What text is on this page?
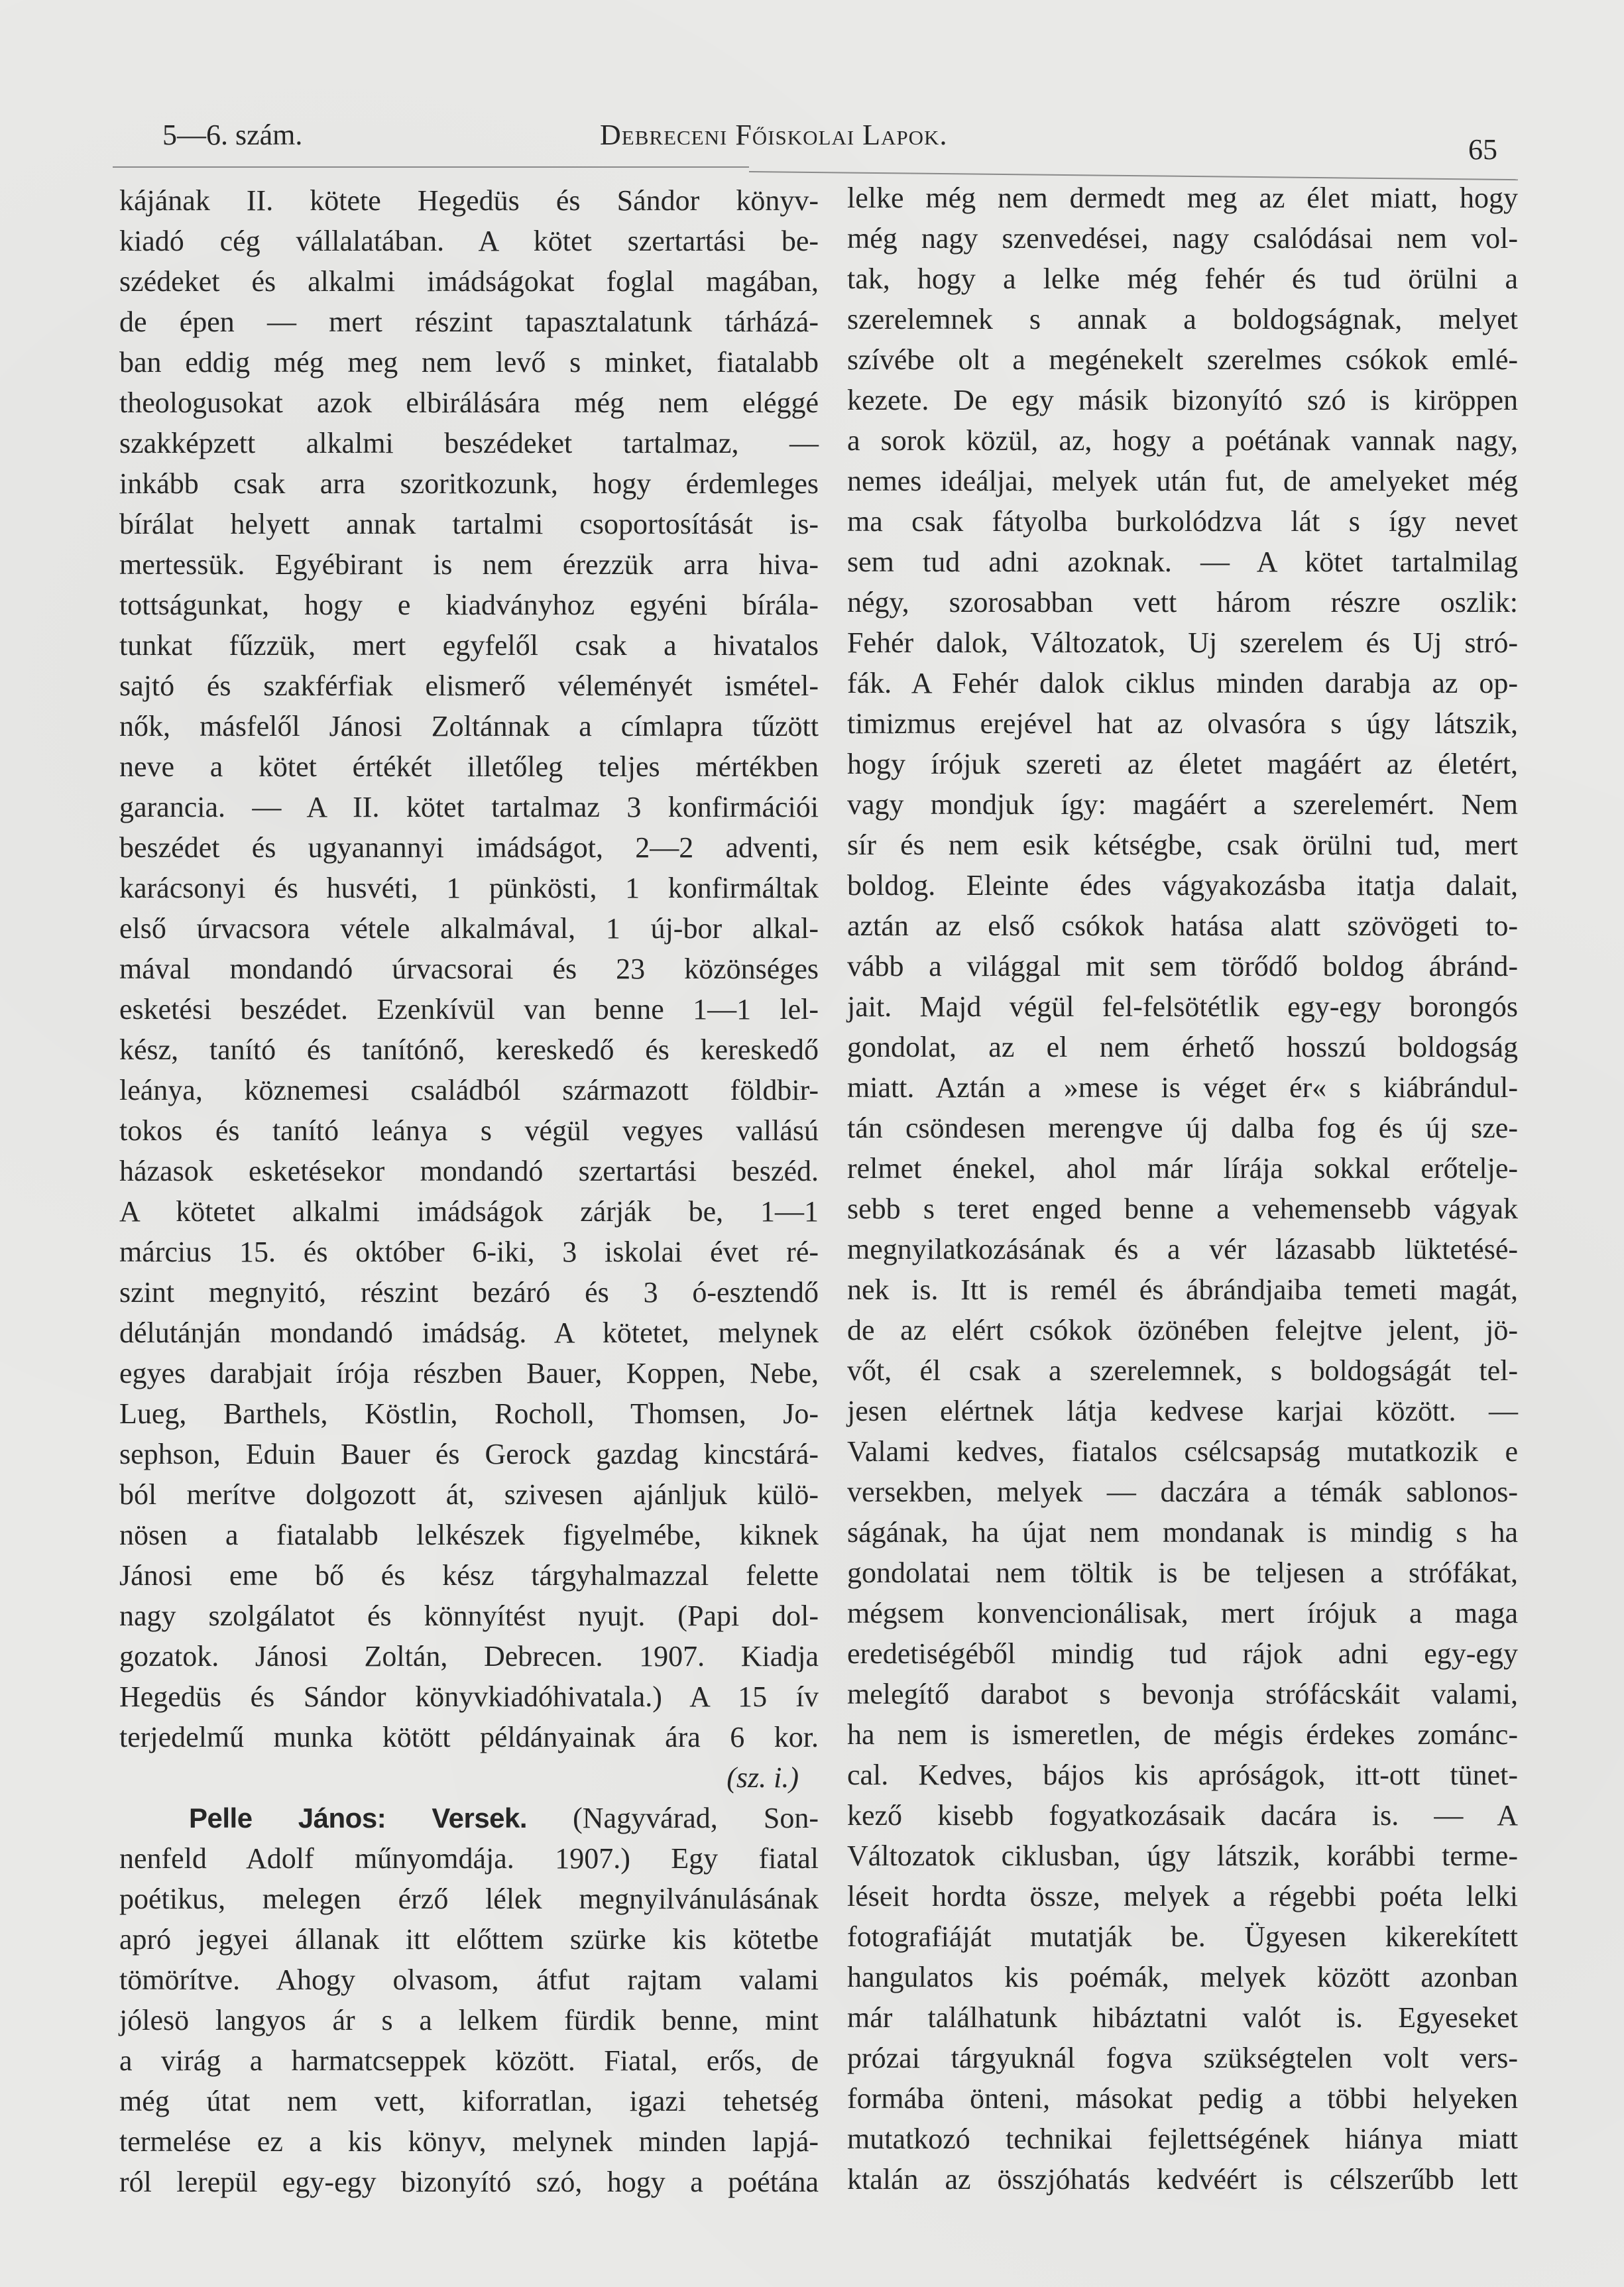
5—6. szám.	Debreceni Főiskolai Lapok.	65
kájának II. kötete Hegedüs és Sándor könyv-
kiadó cég vállalatában. A kötet szertartási be-
szédeket és alkalmi imádságokat foglal magában,
de épen — mert részint tapasztalatunk tárházá-
ban eddig még meg nem levő s minket, fiatalabb
theologusokat azok elbirálására még nem eléggé
szakképzett alkalmi beszédeket tartalmaz, —
inkább csak arra szoritkozunk, hogy érdemleges
bírálat helyett annak tartalmi csoportosítását is-
mertessük. Egyébirant is nem érezzük arra hiva-
tottságunkat, hogy e kiadványhoz egyéni bírála-
tunkat fűzzük, mert egyfelől csak a hivatalos
sajtó és szakférfiak elismerő véleményét ismétel-
nők, másfelől Jánosi Zoltánnak a címlapra tűzött
neve a kötet értékét illetőleg teljes mértékben
garancia. — A II. kötet tartalmaz 3 konfirmációi
beszédet és ugyanannyi imádságot, 2—2 adventi,
karácsonyi és husvéti, 1 pünkösti, 1 konfirmáltak
első úrvacsora vétele alkalmával, 1 új-bor alkal-
mával mondandó úrvacsorai és 23 közönséges
esketési beszédet. Ezenkívül van benne 1—1 lel-
kész, tanító és tanítónő, kereskedő és kereskedő
leánya, köznemesi családból származott földbir-
tokos és tanító leánya s végül vegyes vallású
házasok esketésekor mondandó szertartási beszéd.
A kötetet alkalmi imádságok zárják be, 1—1
március 15. és október 6-iki, 3 iskolai évet ré-
szint megnyitó, részint bezáró és 3 ó-esztendő
délutánján mondandó imádság. A kötetet, melynek
egyes darabjait írója részben Bauer, Koppen, Nebe,
Lueg, Barthels, Köstlin, Rocholl, Thomsen, Jo-
sephson, Eduin Bauer és Gerock gazdag kincstárá-
ból merítve dolgozott át, szivesen ajánljuk külö-
nösen a fiatalabb lelkészek figyelmébe, kiknek
Jánosi eme bő és kész tárgyhalmazzal felette
nagy szolgálatot és könnyítést nyujt. (Papi dol-
gozatok. Jánosi Zoltán, Debrecen. 1907. Kiadja
Hegedüs és Sándor könyvkiadóhivatala.) A 15 ív
terjedelmű munka kötött példányainak ára 6 kor.
(sz. i.)
Pelle János: Versek. (Nagyvárad, Son-
nenfeld Adolf műnyomdája. 1907.) Egy fiatal
poétikus, melegen érző lélek megnyilvánulásának
apró jegyei állanak itt előttem szürke kis kötetbe
tömörítve. Ahogy olvasom, átfut rajtam valami
jólesö langyos ár s a lelkem fürdik benne, mint
a virág a harmatcseppek között. Fiatal, erős, de
még útat nem vett, kiforratlan, igazi tehetség
termelése ez a kis könyv, melynek minden lapjá-
ról lerepül egy-egy bizonyító szó, hogy a poétána
lelke még nem dermedt meg az élet miatt, hogy
még nagy szenvedései, nagy csalódásai nem vol-
tak, hogy a lelke még fehér és tud örülni a
szerelemnek s annak a boldogságnak, melyet
szívébe olt a megénekelt szerelmes csókok emlé-
kezete. De egy másik bizonyító szó is kiröppen
a sorok közül, az, hogy a poétának vannak nagy,
nemes ideáljai, melyek után fut, de amelyeket még
ma csak fátyolba burkolódzva lát s így nevet
sem tud adni azoknak. — A kötet tartalmilag
négy, szorosabban vett három részre oszlik:
Fehér dalok, Változatok, Uj szerelem és Uj stró-
fák. A Fehér dalok ciklus minden darabja az op-
timizmus erejével hat az olvasóra s úgy látszik,
hogy írójuk szereti az életet magáért az életért,
vagy mondjuk így: magáért a szerelemért. Nem
sír és nem esik kétségbe, csak örülni tud, mert
boldog. Eleinte édes vágyakozásba itatja dalait,
aztán az első csókok hatása alatt szövögeti to-
vább a világgal mit sem törődő boldog ábránd-
jait. Majd végül fel-felsötétlik egy-egy borongós
gondolat, az el nem érhető hosszú boldogság
miatt. Aztán a »mese is véget ér« s kiábrándul-
tán csöndesen merengve új dalba fog és új sze-
relmet énekel, ahol már lírája sokkal erőtelje-
sebb s teret enged benne a vehemensebb vágyak
megnyilatkozásának és a vér lázasabb lüktetésé-
nek is. Itt is remél és ábrándjaiba temeti magát,
de az elért csókok özönében felejtve jelent, jö-
vőt, él csak a szerelemnek, s boldogságát tel-
jesen elértnek látja kedvese karjai között. —
Valami kedves, fiatalos csélcsapság mutatkozik e
versekben, melyek — daczára a témák sablonos-
ságának, ha újat nem mondanak is mindig s ha
gondolatai nem töltik is be teljesen a strófákat,
mégsem konvencionálisak, mert írójuk a maga
eredetiségéből mindig tud rájok adni egy-egy
melegítő darabot s bevonja strófácskáit valami,
ha nem is ismeretlen, de mégis érdekes zománc-
cal. Kedves, bájos kis apróságok, itt-ott tünet-
kező kisebb fogyatkozásaik dacára is. — A
Változatok ciklusban, úgy látszik, korábbi terme-
léseit hordta össze, melyek a régebbi poéta lelki
fotografiáját mutatják be. Ügyesen kikerekített
hangulatos kis poémák, melyek között azonban
már találhatunk hibáztatni valót is. Egyeseket
prózai tárgyuknál fogva szükségtelen volt vers-
formába önteni, másokat pedig a többi helyeken
mutatkozó technikai fejlettségének hiánya miatt
ktalán az összjóhatás kedvéért is célszerűbb lett
